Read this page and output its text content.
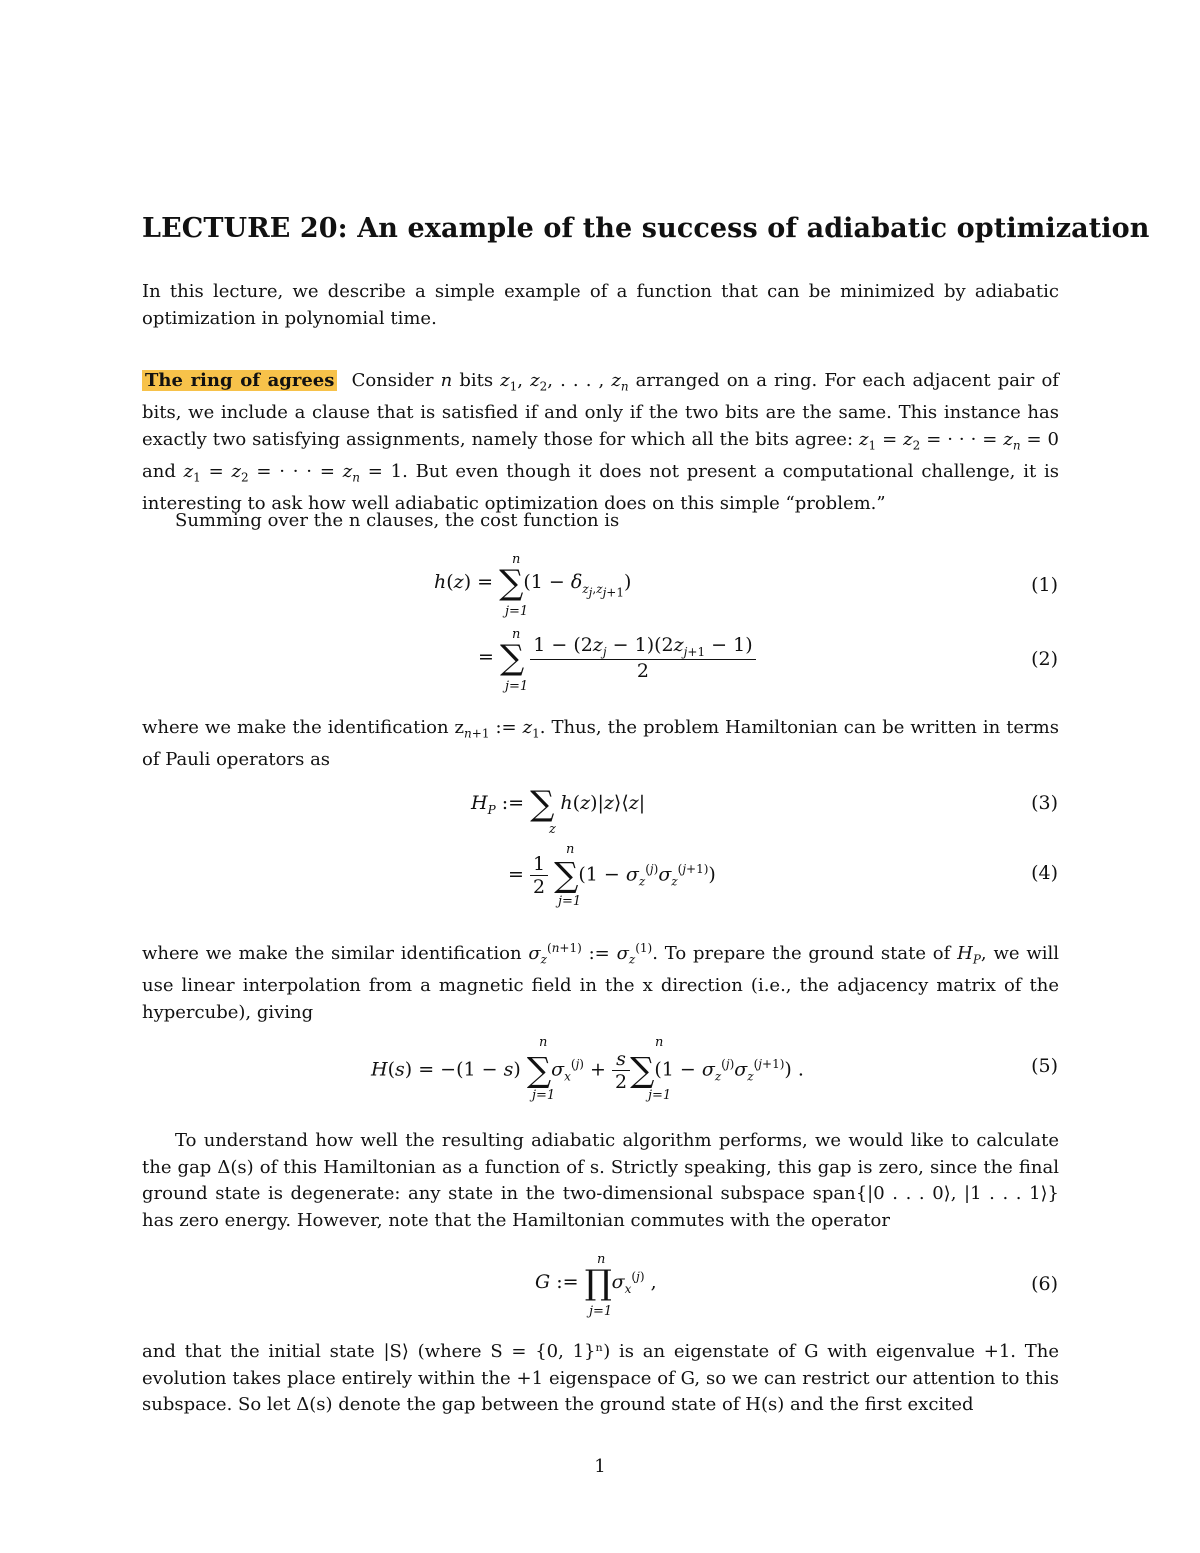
LECTURE 20: An example of the success of adiabatic optimization
In this lecture, we describe a simple example of a function that can be minimized by adiabatic optimization in polynomial time.
The ring of agrees Consider n bits $z_1$, $z_2$, . . . , $z_n$ arranged on a ring. For each adjacent pair of bits, we include a clause that is satisfied if and only if the two bits are the same. This instance has exactly two satisfying assignments, namely those for which all the bits agree: $z_1 = z_2$ = · · · = $z_n = 0$ and $z_1 = z_2$ = · · · = $z_n = 1$. But even though it does not present a computational challenge, it is interesting to ask how well adiabatic optimization does on this simple “problem.”
Summing over the n clauses, the cost function is
$h(z) = \sum(1 - \delta_{z_j,z_{j+1}})$
n
j=1
(1)
= ∑ $\frac{1 - (2z_j - 1)(2z_{j+1} - 1)}{2}$
n
j=1
(2)
where we make the identification $z_{n+1}$ := $z_1$. Thus, the problem Hamiltonian can be written in terms of Pauli operators as
$H_P$ := ∑ h(z)|z⟩⟨z|
z
(3)
= $\frac{1}{2} \sum(1 - \sigma_z^{(j)}\sigma_z^{(j+1)})$
n
j=1
(4)
where we make the similar identification $\sigma_z^{(n+1)}$ := $\sigma_z^{(1)}$. To prepare the ground state of $H_P$, we will use linear interpolation from a magnetic field in the x direction (i.e., the adjacency matrix of the hypercube), giving
H(s) = −(1 − s) $\sum\sigma_x^{(j)} + \frac{s}{2} \sum(1 - \sigma_z^{(j)}\sigma_z^{(j+1)})$ .
n
j=1
n
j=1
(5)
To understand how well the resulting adiabatic algorithm performs, we would like to calculate the gap Δ(s) of this Hamiltonian as a function of s. Strictly speaking, this gap is zero, since the final ground state is degenerate: any state in the two-dimensional subspace span{|0 . . . 0⟩, |1 . . . 1⟩} has zero energy. However, note that the Hamiltonian commutes with the operator
G := $\prod\sigma_x^{(j)}$ ,
n
j=1
(6)
and that the initial state |S⟩ (where S = {0, 1}ⁿ) is an eigenstate of G with eigenvalue +1. The evolution takes place entirely within the +1 eigenspace of G, so we can restrict our attention to this subspace. So let Δ(s) denote the gap between the ground state of H(s) and the first excited
1
